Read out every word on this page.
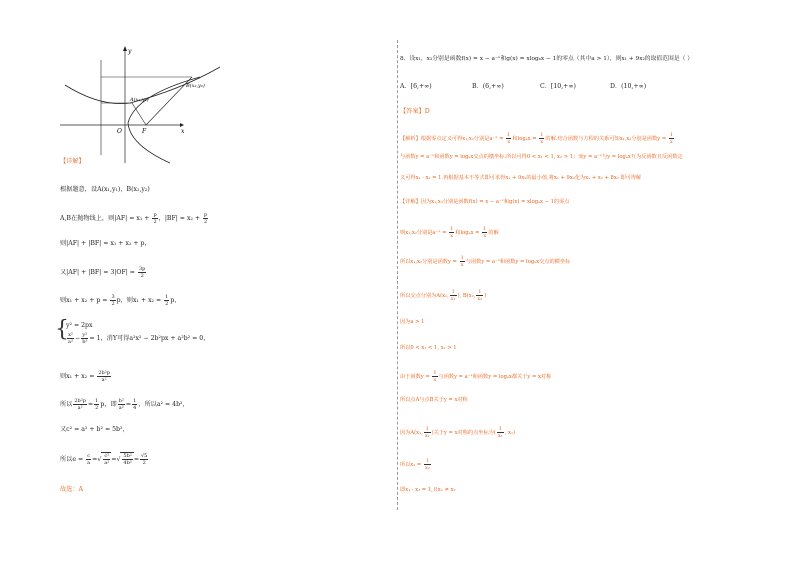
y
x
O	F
A(x₁,y₁)
B(x₂,y₂)
【详解】
根据题意，设A(x₁,y₁)，B(x₂,y₂)
A,B在抛物线上，则$|AF| = x_1 + \frac{p}{2}$ ，$|BF| = x_2 + \frac{p}{2}$
则|AF| + |BF| = x₁ + x₂ + p，
又$|AF| + |BF| = 3|OF| = \frac{3p}{2}$
则$x_1 + x_2 + p = \frac{3}{2}$ p，则$x_1 + x_2 = \frac{1}{2}$ p，
{
y² = 2px
$\frac{\text{x²}}{\text{a²}} - \frac{\text{y²}}{\text{b²}} = 1$，消Y可得a²x² − 2b²px + a²b² = 0，
则$x_1 + x_2 = \frac{\text{2b²p}}{\text{a²}}$
所以 $\frac{\text{2b²p}}{\text{a²}} = \frac{1}{2}$ p，即 $\frac{\text{b²}}{\text{a²}} = \frac{1}{4}$ ，所以a² = 4b²，
又c² = a² + b² = 5b²，
所以$e = \frac{c}{a}$ =√ $\frac{\text{c²}}{\text{a²}}$ =√ $\frac{\text{5b²}}{\text{4b²}} = \frac{√5}{2}$
故选：A
8．设x₁，x₂分别是函数f(x) = x − a⁻ˣ和g(x) = xlogₐx − 1的零点（其中a > 1），则x₁ + 9x₂的取值范围是（ ）
A．[6,+∞)	B．(6,+∞)	C．[10,+∞)	D．(10,+∞)
【答案】D
【解析】根据零点定义可得x₁,x₂分别是a⁻ˣ = $\frac{1}{x}$ 和$\log_ax = \frac{1}{x}$ 的解.结合函数与方程的关系可知x₁,x₂分别是函数$y = \frac{1}{x}$
与函数y = a⁻ˣ和函数y = logₐx交点的横坐标.所以可得0 < x₁ < 1, x₂ > 1；而y = a⁻ˣ与y = logₐx互为反函数且反函数定
义可得x₁ · x₂ = 1.再根据基本不等式即可求得x₁ + 9x₂的最小值,将x₁ + 9x₂化为x₁ + x₂ + 8x₂ 即可得解
【详解】因为x₁,x₂分别是函数f(x) = x − a⁻ˣ和g(x) = xlogₐx − 1的零点
则x₁,x₂分别是a⁻ˣ = $\frac{1}{x}$ 和$\log_ax = \frac{1}{x}$ 的解
所以x₁,x₂分别是函数$y = \frac{1}{x}$ 与函数y = a⁻ˣ和函数y = logₐx交点的横坐标
所以交点分别为A(x₁, $\frac{1}{\text{x₁}}$ ), B(x₂, $\frac{1}{\text{x₂}}$ )
因为a > 1
所以0 < x₁ < 1, x₂ > 1
由于函数$y = \frac{1}{x}$ 与函数y = a⁻ˣ和函数y = logₐx都关于y = x对称
所以点A与点B关于y = x对称
因为A(x₁, $\frac{1}{\text{x₁}}$ )关于y = x对称的点坐标为( $\frac{1}{\text{x₁}}$ , x₁)
所以$x_1 = \frac{1}{\text{x₂}}$
即x₁ · x₂ = 1,且x₁ ≠ x₂
